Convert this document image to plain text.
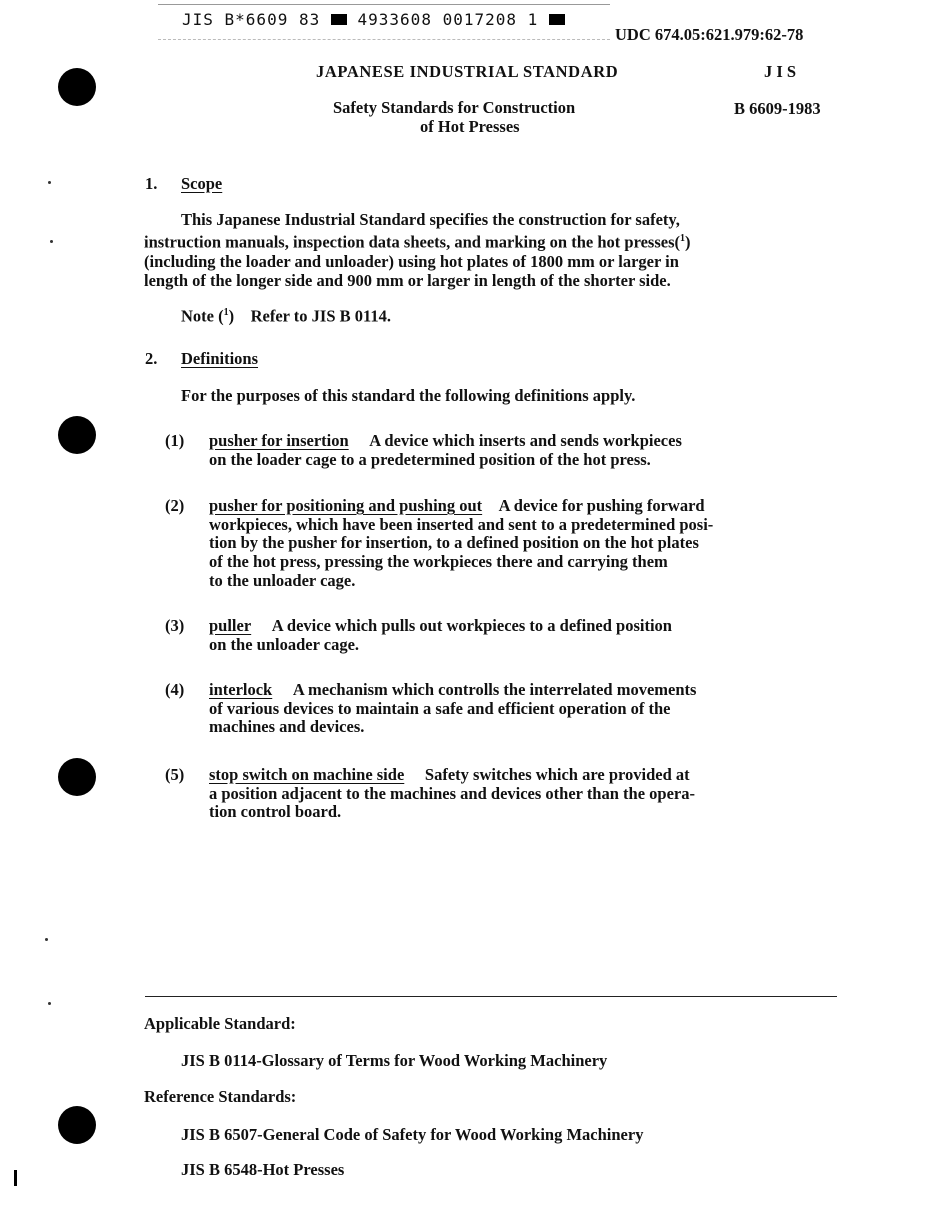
JIS B*6609 83 4933608 0017208 1
UDC 674.05:621.979:62-78
JAPANESE INDUSTRIAL STANDARD	J I S
Safety Standards for Construction
of Hot Presses
B 6609-1983
1. Scope
This Japanese Industrial Standard specifies the construction for safety,
instruction manuals, inspection data sheets, and marking on the hot presses($^1$)
(including the loader and unloader) using hot plates of 1800 mm or larger in
length of the longer side and 900 mm or larger in length of the shorter side.
Note ($^1$)    Refer to JIS B 0114.
2. Definitions
For the purposes of this standard the following definitions apply.
(1) pusher for insertion A device which inserts and sends workpieces
on the loader cage to a predetermined position of the hot press.
(2) pusher for positioning and pushing out A device for pushing forward
workpieces, which have been inserted and sent to a predetermined posi-
tion by the pusher for insertion, to a defined position on the hot plates
of the hot press, pressing the workpieces there and carrying them
to the unloader cage.
(3) puller A device which pulls out workpieces to a defined position
on the unloader cage.
(4) interlock A mechanism which controlls the interrelated movements
of various devices to maintain a safe and efficient operation of the
machines and devices.
(5) stop switch on machine side Safety switches which are provided at
a position adjacent to the machines and devices other than the opera-
tion control board.
Applicable Standard:
JIS B 0114-Glossary of Terms for Wood Working Machinery
Reference Standards:
JIS B 6507-General Code of Safety for Wood Working Machinery
JIS B 6548-Hot Presses
